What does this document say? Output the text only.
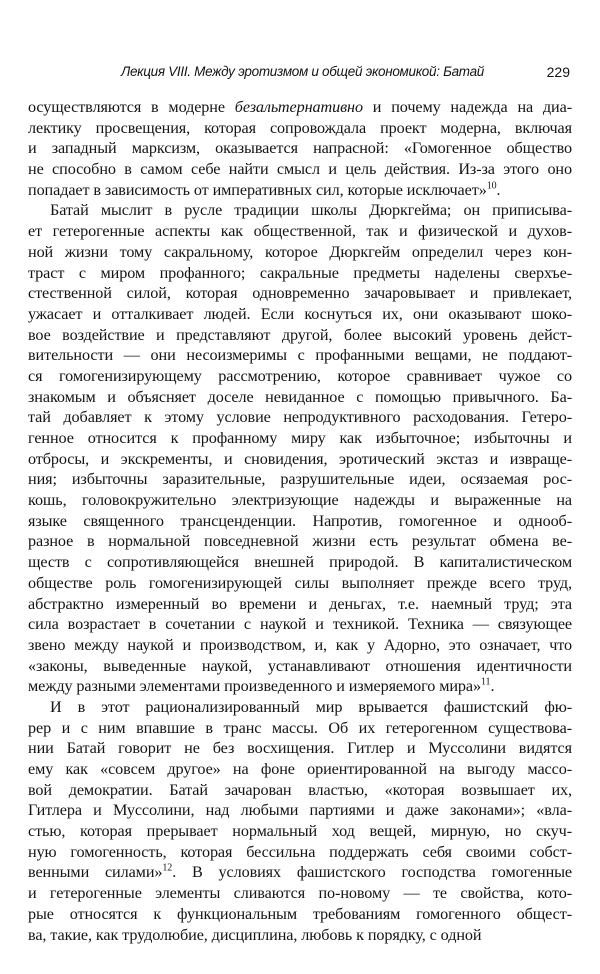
Лекция VIII. Между эротизмом и общей экономикой: Батай	229
осуществляются в модерне безальтернативно и почему надежда на диа-
лектику просвещения, которая сопровождала проект модерна, включая
и западный марксизм, оказывается напрасной: «Гомогенное общество
не способно в самом себе найти смысл и цель действия. Из-за этого оно
попадает в зависимость от императивных сил, которые исключает»$^{10}$.
Батай мыслит в русле традиции школы Дюркгейма; он приписыва-
ет гетерогенные аспекты как общественной, так и физической и духов-
ной жизни тому сакральному, которое Дюркгейм определил через кон-
траст с миром профанного; сакральные предметы наделены сверхъе-
стественной силой, которая одновременно зачаровывает и привлекает,
ужасает и отталкивает людей. Если коснуться их, они оказывают шоко-
вое воздействие и представляют другой, более высокий уровень дейст-
вительности — они несоизмеримы с профанными вещами, не поддают-
ся гомогенизирующему рассмотрению, которое сравнивает чужое со
знакомым и объясняет доселе невиданное с помощью привычного. Ба-
тай добавляет к этому условие непродуктивного расходования. Гетеро-
генное относится к профанному миру как избыточное; избыточны и
отбросы, и экскременты, и сновидения, эротический экстаз и извраще-
ния; избыточны заразительные, разрушительные идеи, осязаемая рос-
кошь, головокружительно электризующие надежды и выраженные на
языке священного трансценденции. Напротив, гомогенное и однооб-
разное в нормальной повседневной жизни есть результат обмена ве-
ществ с сопротивляющейся внешней природой. В капиталистическом
обществе роль гомогенизирующей силы выполняет прежде всего труд,
абстрактно измеренный во времени и деньгах, т.е. наемный труд; эта
сила возрастает в сочетании с наукой и техникой. Техника — связующее
звено между наукой и производством, и, как у Адорно, это означает, что
«законы, выведенные наукой, устанавливают отношения идентичности
между разными элементами произведенного и измеряемого мира»$^{11}$.
И в этот рационализированный мир врывается фашистский фю-
рер и с ним впавшие в транс массы. Об их гетерогенном существова-
нии Батай говорит не без восхищения. Гитлер и Муссолини видятся
ему как «совсем другое» на фоне ориентированной на выгоду массо-
вой демократии. Батай зачарован властью, «которая возвышает их,
Гитлера и Муссолини, над любыми партиями и даже законами»; «вла-
стью, которая прерывает нормальный ход вещей, мирную, но скуч-
ную гомогенность, которая бессильна поддержать себя своими собст-
венными силами»$^{12}$. В условиях фашистского господства гомогенные
и гетерогенные элементы сливаются по-новому — те свойства, кото-
рые относятся к функциональным требованиям гомогенного общест-
ва, такие, как трудолюбие, дисциплина, любовь к порядку, с одной
